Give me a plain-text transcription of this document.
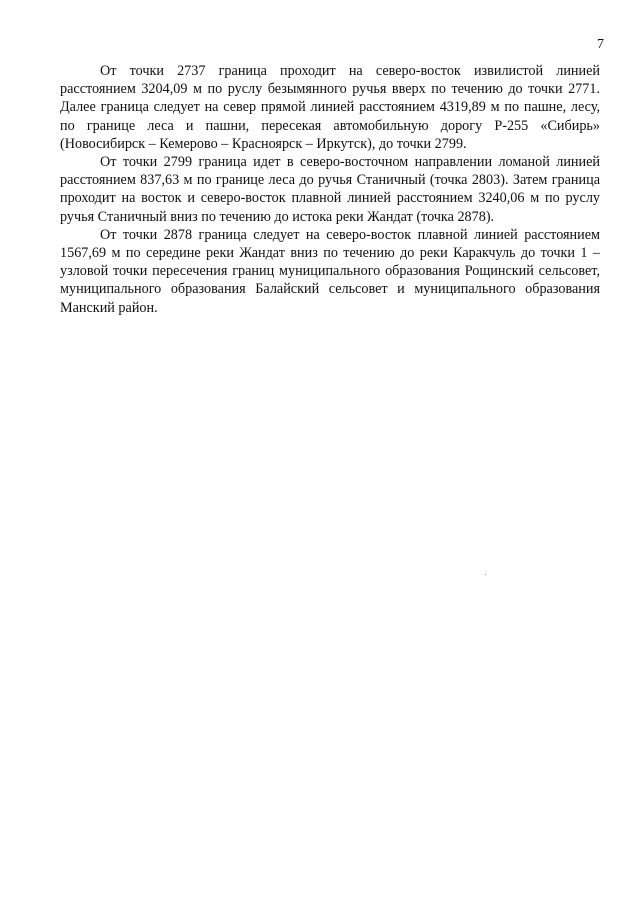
7

От точки 2737 граница проходит на северо-восток извилистой линией расстоянием 3204,09 м по руслу безымянного ручья вверх по течению до точки 2771. Далее граница следует на север прямой линией расстоянием 4319,89 м по пашне, лесу, по границе леса и пашни, пересекая автомобильную дорогу Р-255 «Сибирь» (Новосибирск – Кемерово – Красноярск – Иркутск), до точки 2799.

От точки 2799 граница идет в северо-восточном направлении ломаной линией расстоянием 837,63 м по границе леса до ручья Станичный (точка 2803). Затем граница проходит на восток и северо-восток плавной линией расстоянием 3240,06 м по руслу ручья Станичный вниз по течению до истока реки Жандат (точка 2878).

От точки 2878 граница следует на северо-восток плавной линией расстоянием 1567,69 м по середине реки Жандат вниз по течению до реки Каракчуль до точки 1 – узловой точки пересечения границ муниципального образования Рощинский сельсовет, муниципального образования Балайский сельсовет и муниципального образования Манский район.
